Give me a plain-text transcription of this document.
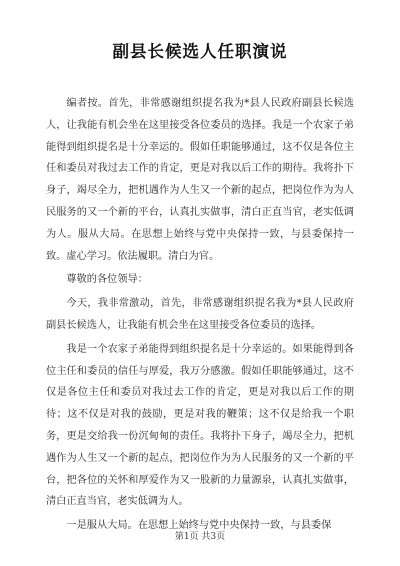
副县长候选人任职演说

编者按。首先，非常感谢组织提名我为*县人民政府副县长候选人，让我能有机会坐在这里接受各位委员的选择。我是一个农家子弟能得到组织提名是十分幸运的。假如任职能够通过，这不仅是各位主任和委员对我过去工作的肯定，更是对我以后工作的期待。我将扑下身子，竭尽全力，把机遇作为人生又一个新的起点，把岗位作为为人民服务的又一个新的平台，认真扎实做事，清白正直当官，老实低调为人。服从大局。在思想上始终与党中央保持一致，与县委保持一致。虚心学习。依法履职。清白为官。

尊敬的各位领导：

今天，我非常激动，首先，非常感谢组织提名我为*县人民政府副县长候选人，让我能有机会坐在这里接受各位委员的选择。

我是一个农家子弟能得到组织提名是十分幸运的。如果能得到各位主任和委员的信任与厚爱，我万分感激。假如任职能够通过，这不仅是各位主任和委员对我过去工作的肯定，更是对我以后工作的期待；这不仅是对我的鼓励，更是对我的鞭策；这不仅是给我一个职务，更是交给我一份沉甸甸的责任。我将扑下身子，竭尽全力，把机遇作为人生又一个新的起点，把岗位作为为人民服务的又一个新的平台，把各位的关怀和厚爱作为又一股新的力量源泉，认真扎实做事，清白正直当官，老实低调为人。

一是服从大局。在思想上始终与党中央保持一致，与县委保

第1页 共3页
